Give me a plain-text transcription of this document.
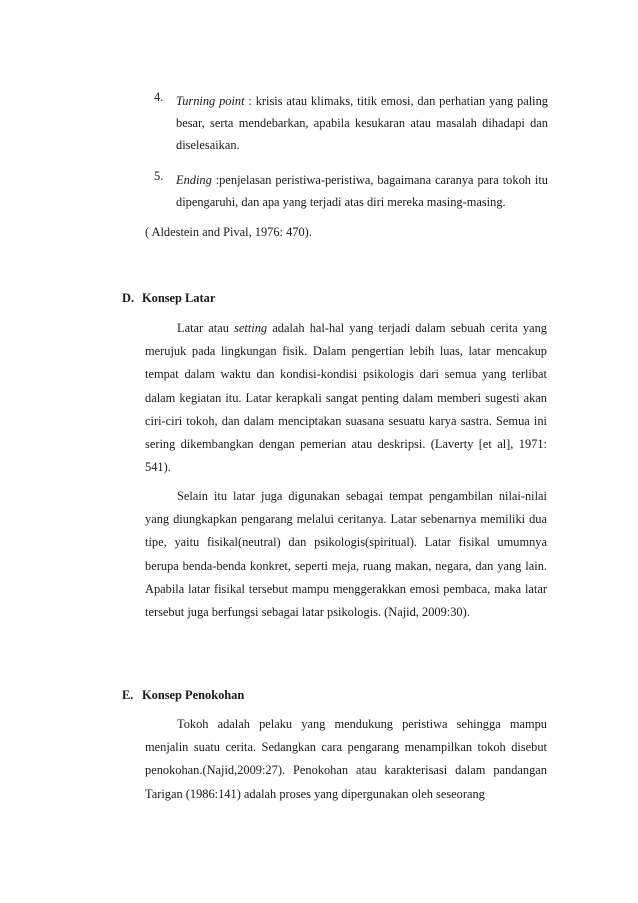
4. Turning point : krisis atau klimaks, titik emosi, dan perhatian yang paling besar, serta mendebarkan, apabila kesukaran atau masalah dihadapi dan diselesaikan.
5. Ending :penjelasan peristiwa-peristiwa, bagaimana caranya para tokoh itu dipengaruhi, dan apa yang terjadi atas diri mereka masing-masing.
( Aldestein and Pival, 1976: 470).
D. Konsep Latar

Latar atau setting adalah hal-hal yang terjadi dalam sebuah cerita yang merujuk pada lingkungan fisik. Dalam pengertian lebih luas, latar mencakup tempat dalam waktu dan kondisi-kondisi psikologis dari semua yang terlibat dalam kegiatan itu. Latar kerapkali sangat penting dalam memberi sugesti akan ciri-ciri tokoh, dan dalam menciptakan suasana sesuatu karya sastra. Semua ini sering dikembangkan dengan pemerian atau deskripsi. (Laverty [et al], 1971: 541).

Selain itu latar juga digunakan sebagai tempat pengambilan nilai-nilai yang diungkapkan pengarang melalui ceritanya. Latar sebenarnya memiliki dua tipe, yaitu fisikal(neutral) dan psikologis(spiritual). Latar fisikal umumnya berupa benda-benda konkret, seperti meja, ruang makan, negara, dan yang lain. Apabila latar fisikal tersebut mampu menggerakkan emosi pembaca, maka latar tersebut juga berfungsi sebagai latar psikologis. (Najid, 2009:30).

E. Konsep Penokohan

Tokoh adalah pelaku yang mendukung peristiwa sehingga mampu menjalin suatu cerita. Sedangkan cara pengarang menampilkan tokoh disebut penokohan.(Najid,2009:27). Penokohan atau karakterisasi dalam pandangan Tarigan (1986:141) adalah proses yang dipergunakan oleh seseorang
